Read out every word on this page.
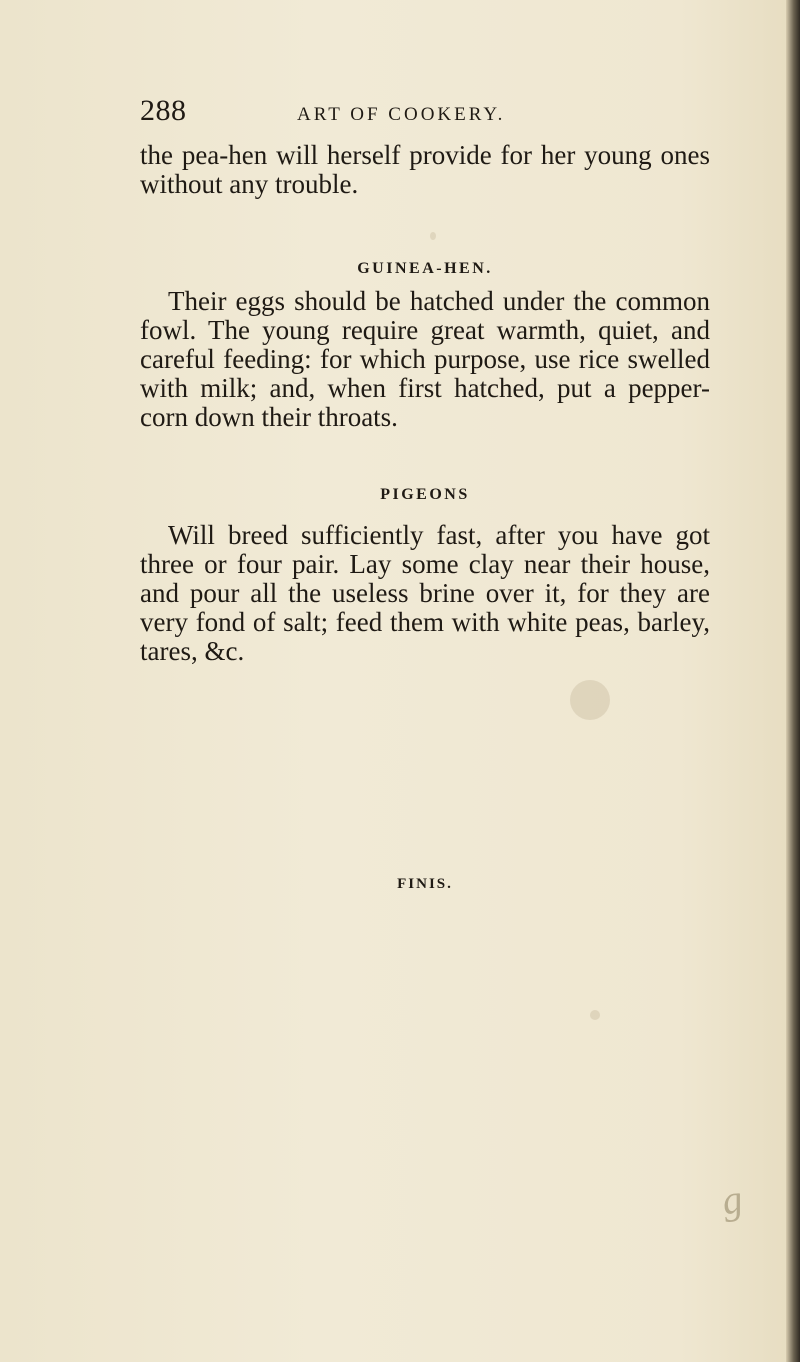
288	ART OF COOKERY.
the pea-hen will herself provide for her young ones without any trouble.
GUINEA-HEN.
Their eggs should be hatched under the common fowl. The young require great warmth, quiet, and careful feeding: for which purpose, use rice swelled with milk; and, when first hatched, put a pepper-corn down their throats.
PIGEONS
Will breed sufficiently fast, after you have got three or four pair. Lay some clay near their house, and pour all the useless brine over it, for they are very fond of salt; feed them with white peas, barley, tares, &c.
FINIS.
g
